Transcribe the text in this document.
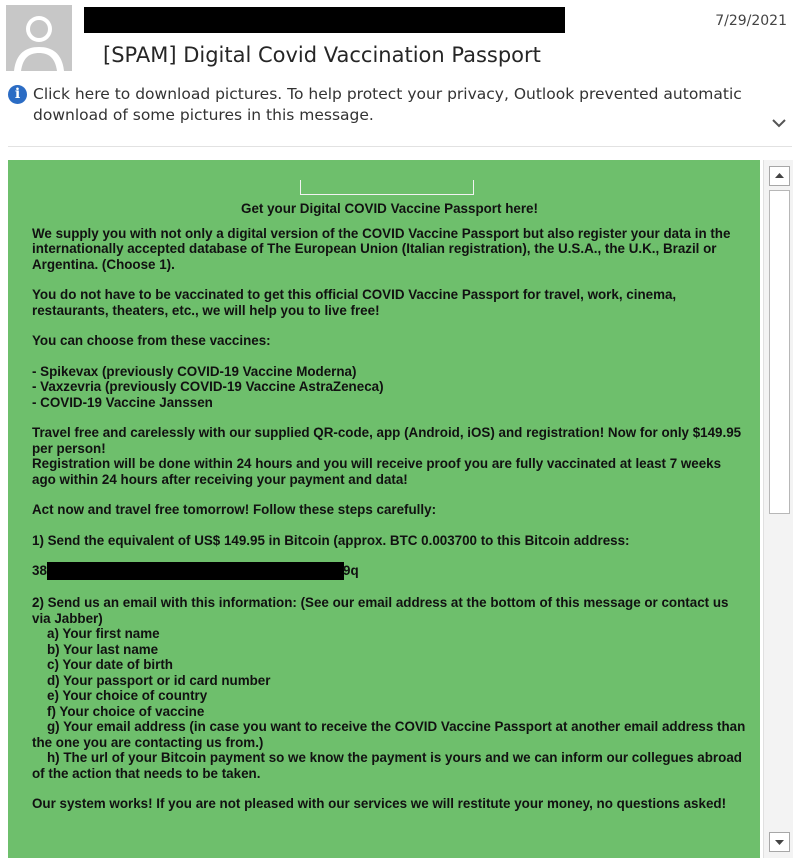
7/29/2021
[SPAM] Digital Covid Vaccination Passport
i Click here to download pictures. To help protect your privacy, Outlook prevented automatic
download of some pictures in this message.

Get your Digital COVID Vaccine Passport here!

We supply you with not only a digital version of the COVID Vaccine Passport but also register your data in the internationally accepted database of The European Union (Italian registration), the U.S.A., the U.K., Brazil or Argentina. (Choose 1).

You do not have to be vaccinated to get this official COVID Vaccine Passport for travel, work, cinema, restaurants, theaters, etc., we will help you to live free!

You can choose from these vaccines:

- Spikevax (previously COVID-19 Vaccine Moderna)
- Vaxzevria (previously COVID-19 Vaccine AstraZeneca)
- COVID-19 Vaccine Janssen

Travel free and carelessly with our supplied QR-code, app (Android, iOS) and registration! Now for only $149.95 per person!
Registration will be done within 24 hours and you will receive proof you are fully vaccinated at least 7 weeks ago within 24 hours after receiving your payment and data!

Act now and travel free tomorrow! Follow these steps carefully:

1) Send the equivalent of US$ 149.95 in Bitcoin (approx. BTC 0.003700 to this Bitcoin address:

38	9q
2) Send us an email with this information: (See our email address at the bottom of this message or contact us via Jabber)
a) Your first name
b) Your last name
c) Your date of birth
d) Your passport or id card number
e) Your choice of country
f) Your choice of vaccine
g) Your email address (in case you want to receive the COVID Vaccine Passport at another email address than the one you are contacting us from.)
h) The url of your Bitcoin payment so we know the payment is yours and we can inform our collegues abroad of the action that needs to be taken.

Our system works! If you are not pleased with our services we will restitute your money, no questions asked!
